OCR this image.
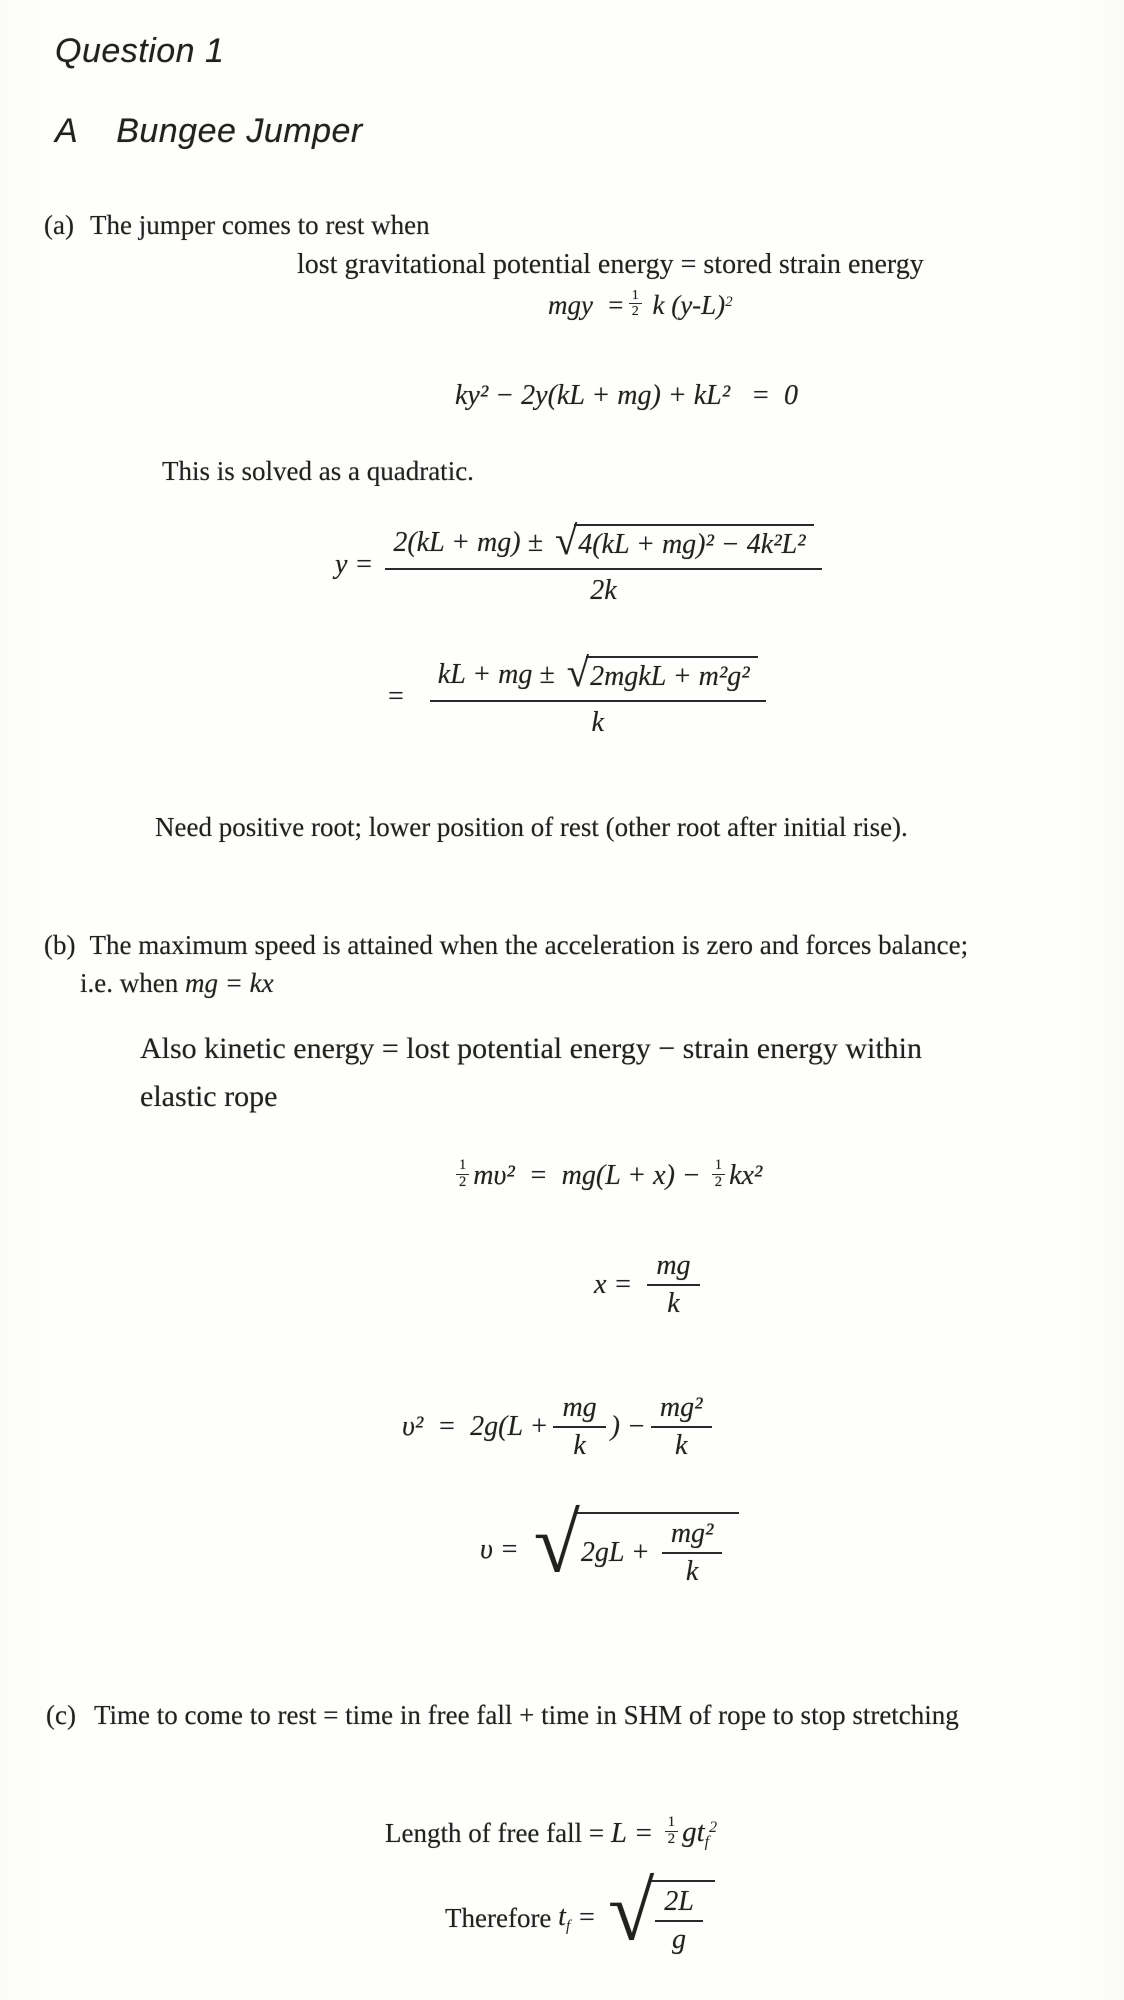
Question 1
A Bungee Jumper
(a) The jumper comes to rest when
lost gravitational potential energy = stored strain energy
mgy  = $\frac{1}{2}$ k $(y-L)^2$
ky² − 2y(kL + mg) + kL²   =  0
This is solved as a quadratic.
y =
2(kL + mg) ± √ 4(kL + mg)² − 4k²L²
2k
= $\frac{\text{kL + mg ± √ 2mgkL + m²g²}}{k}$
Need positive root; lower position of rest (other root after initial rise).
(b) The maximum speed is attained when the acceleration is zero and forces balance;
i.e. when mg = kx
Also kinetic energy = lost potential energy − strain energy within
elastic rope
$\frac{1}{2} m\upsilon^2 = mg(L + x) - \frac{1}{2} kx^2$
$x = \frac{mg}{k}$
$\upsilon^2 = 2g(L + \frac{mg}{k}$ ) − $\frac{\text{mg²}}{k}$
υ = √ $2gL + \frac{\text{mg²}}{k}$
(c) Time to come to rest = time in free fall + time in SHM of rope to stop stretching
Length of free fall = $L = \frac{1}{2} gt_f^2$
Therefore $t_f$ = √ $\frac{2L}{g}$
